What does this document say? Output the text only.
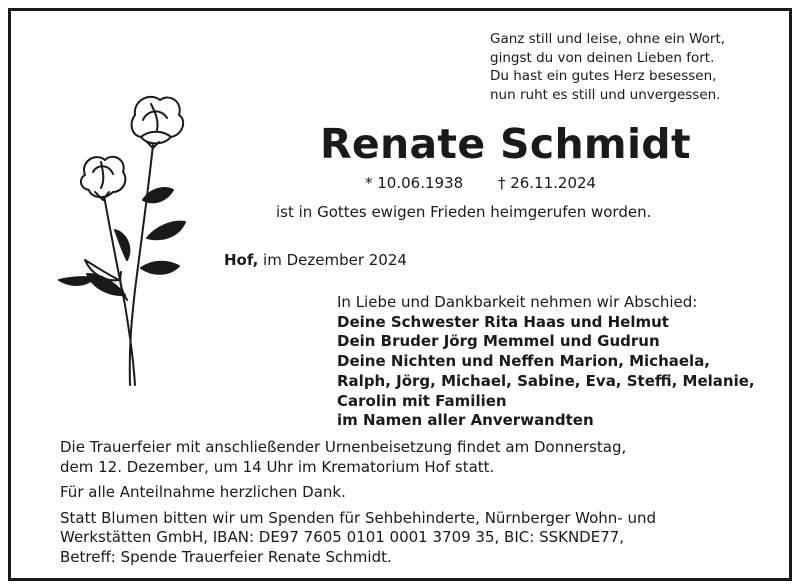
Ganz still und leise, ohne ein Wort,
gingst du von deinen Lieben fort.
Du hast ein gutes Herz besessen,
nun ruht es still und unvergessen.
Renate Schmidt
* 10.06.1938 † 26.11.2024
ist in Gottes ewigen Frieden heimgerufen worden.
Hof, im Dezember 2024
In Liebe und Dankbarkeit nehmen wir Abschied:
Deine Schwester Rita Haas und Helmut
Dein Bruder Jörg Memmel und Gudrun
Deine Nichten und Neffen Marion, Michaela,
Ralph, Jörg, Michael, Sabine, Eva, Steffi, Melanie,
Carolin mit Familien
im Namen aller Anverwandten
Die Trauerfeier mit anschließender Urnenbeisetzung findet am Donnerstag,
dem 12. Dezember, um 14 Uhr im Krematorium Hof statt.
Für alle Anteilnahme herzlichen Dank.
Statt Blumen bitten wir um Spenden für Sehbehinderte, Nürnberger Wohn- und
Werkstätten GmbH, IBAN: DE97 7605 0101 0001 3709 35, BIC: SSKNDE77,
Betreff: Spende Trauerfeier Renate Schmidt.
